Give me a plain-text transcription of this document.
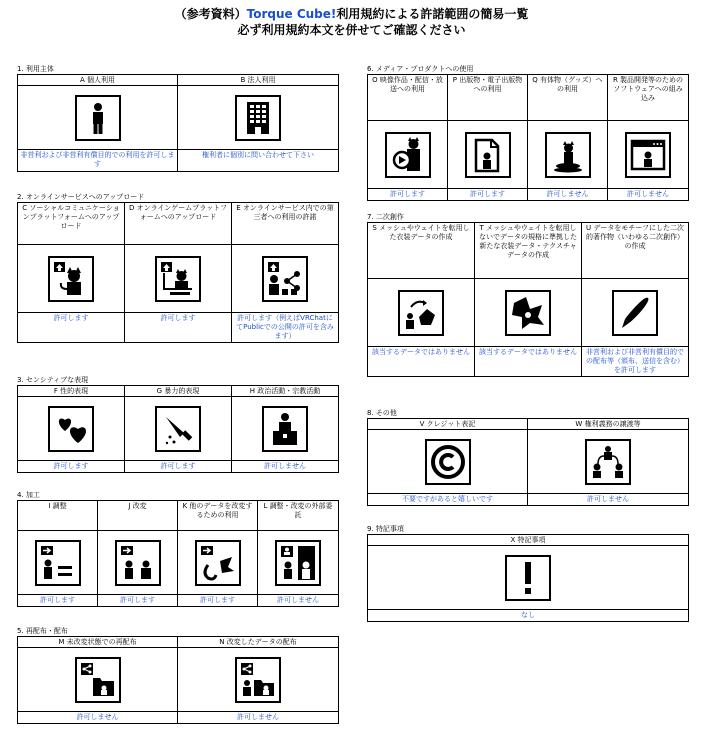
（参考資料）Torque Cube!利用規約による許諾範囲の簡易一覧
必ず利用規約本文を併せてご確認ください
1. 利用主体
A 個人利用
非営利および非営利有償目的での利用を許可します
B 法人利用
権利者に個別に問い合わせて下さい
2. オンラインサービスへのアップロード
C ソーシャルコミュニケーションプラットフォームへのアップロード
許可します
D オンラインゲームプラットフォームへのアップロード
許可します
E オンラインサービス内での第三者への利用の許諾
許可します（例えばVRChatにてPublicでの公開の許可を含みます）
3. センシティブな表現
F 性的表現
許可します
G 暴力的表現
許可します
H 政治活動・宗教活動
許可しません
4. 加工
I 調整
許可します
J 改変
許可します
K 他のデータを改変するための利用
許可します
L 調整・改変の外部委託
許可しません
5. 再配布・配布
M 未改変状態での再配布
許可しません
N 改変したデータの配布
許可しません
6. メディア・プロダクトへの使用
O 映像作品・配信・放送への利用
許可します
P 出版物・電子出版物への利用
許可します
Q 有体物（グッズ）への利用
許可しません
R 製品開発等のためのソフトウェアへの組み込み
許可しません
7. 二次創作
S メッシュやウェイトを転用した衣装データの作成
該当するデータではありません
T メッシュやウェイトを転用しないでデータの規格に準拠した新たな衣装データ・テクスチャデータの作成
該当するデータではありません
U データをモチーフにした二次的著作物（いわゆる二次創作）の作成
非営利および非営利有償目的での配布等（頒布、送信を含む）を許可します
8. その他
V クレジット表記
不要ですがあると嬉しいです
W 権利義務の譲渡等
許可しません
9. 特記事項
X 特記事項
なし
